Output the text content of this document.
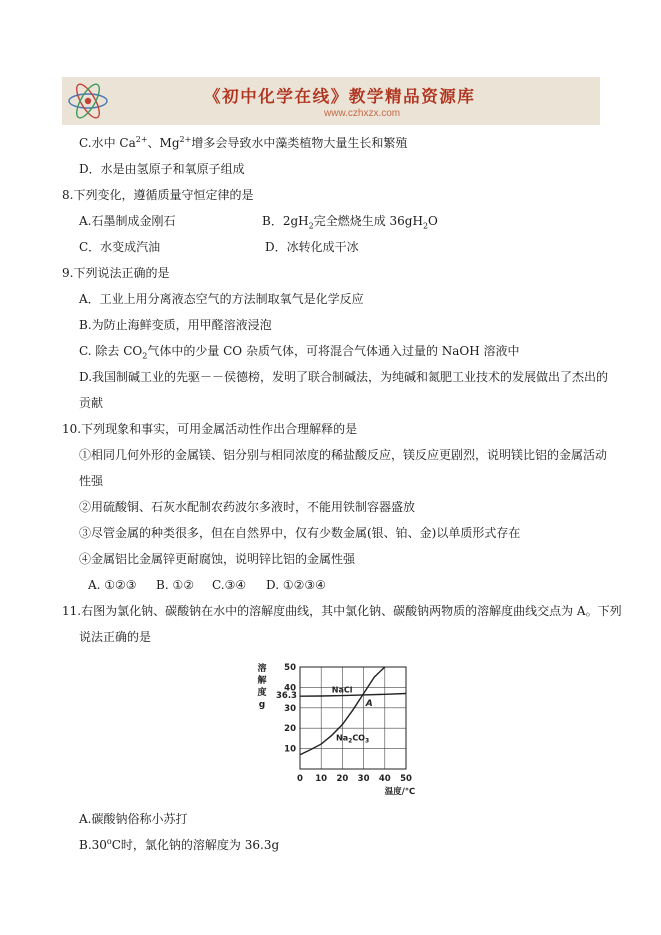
《初中化学在线》教学精品资源库
www.czhxzx.com
C.水中 $Ca^{2+}$、$Mg^{2+}$增多会导致水中藻类植物大量生长和繁殖
D．水是由氢原子和氧原子组成
8.下列变化，遵循质量守恒定律的是
A.石墨制成金刚石	B．$2gH_2$完全燃烧生成 $36gH_2O$
C．水变成汽油	D．冰转化成干冰
9.下列说法正确的是
A．工业上用分离液态空气的方法制取氧气是化学反应
B.为防止海鲜变质，用甲醛溶液浸泡
C. 除去 $CO_2$气体中的少量 CO 杂质气体，可将混合气体通入过量的 NaOH 溶液中
D.我国制碱工业的先驱－－侯德榜，发明了联合制碱法，为纯碱和氮肥工业技术的发展做出了杰出的
贡献
10.下列现象和事实，可用金属活动性作出合理解释的是
①相同几何外形的金属镁、铝分别与相同浓度的稀盐酸反应，镁反应更剧烈，说明镁比铝的金属活动
性强
②用硫酸铜、石灰水配制农药波尔多液时，不能用铁制容器盛放
③尽管金属的种类很多，但在自然界中，仅有少数金属(银、铂、金)以单质形式存在
④金属铝比金属锌更耐腐蚀，说明锌比铝的金属性强
A. ①②③ B. ①② C.③④ D. ①②③④
11.右图为氯化钠、碳酸钠在水中的溶解度曲线，其中氯化钠、碳酸钠两物质的溶解度曲线交点为 A。下列
说法正确的是
溶
解
度
g
0 10 20 30 40 50
10
20
30
40
50
36.3
NaCl
$Na_2CO_3$
A
温度/℃
A.碳酸钠俗称小苏打
B.30$^o$C时，氯化钠的溶解度为 36.3g
